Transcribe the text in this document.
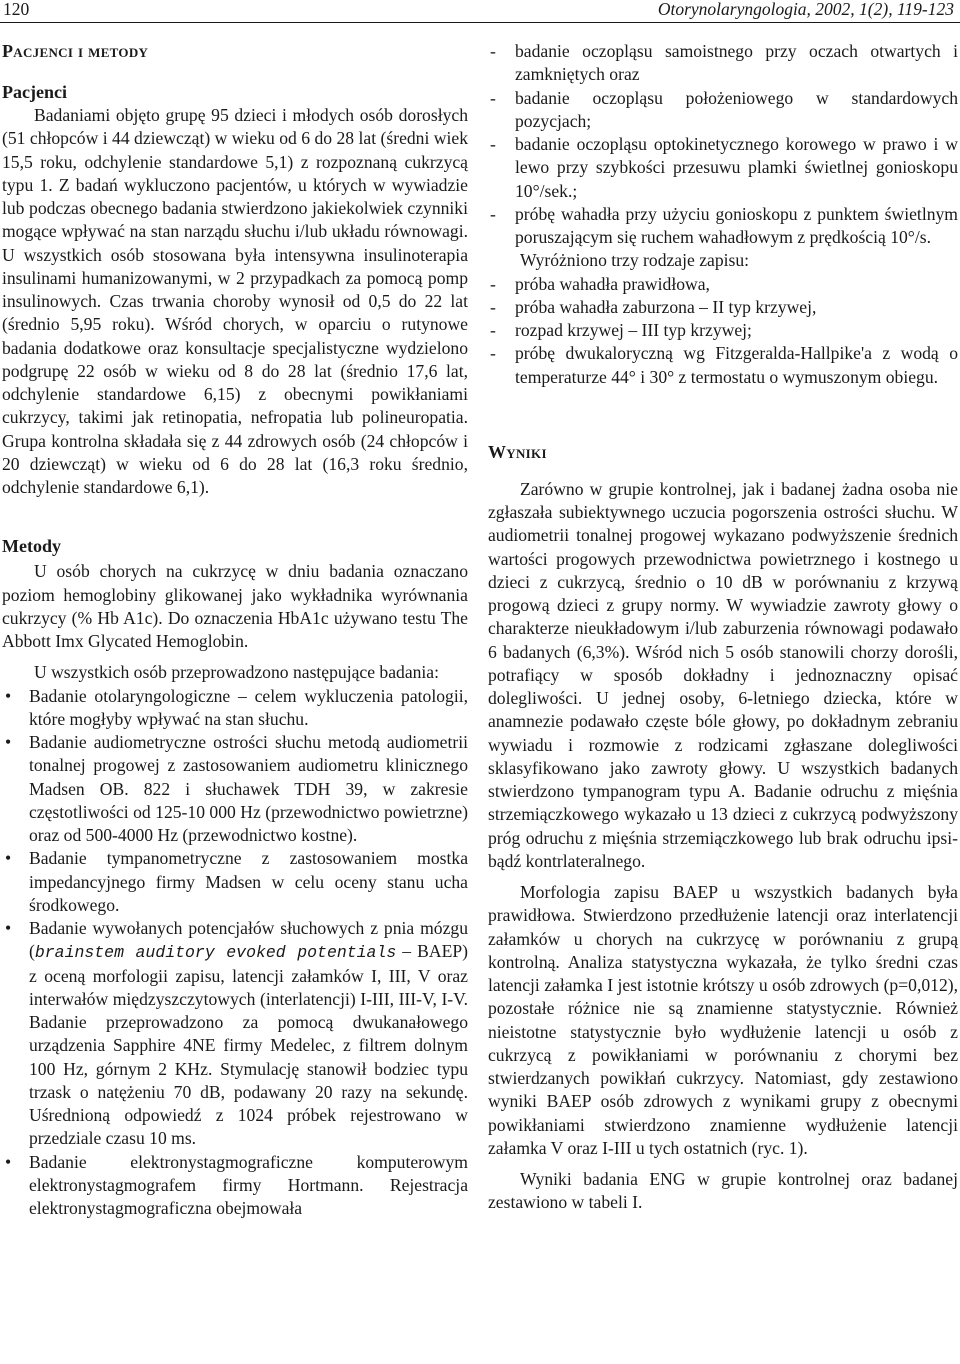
120	Otorynolaryngologia, 2002, 1(2), 119-123
Pacjenci i metody
Pacjenci

Badaniami objęto grupę 95 dzieci i młodych osób dorosłych (51 chłopców i 44 dziewcząt) w wieku od 6 do 28 lat (średni wiek 15,5 roku, odchylenie standardowe 5,1) z rozpoznaną cukrzycą typu 1. Z badań wykluczono pacjentów, u których w wywiadzie lub podczas obecnego badania stwierdzono jakiekolwiek czynniki mogące wpływać na stan narządu słuchu i/lub układu równowagi. U wszystkich osób stosowana była intensywna insulinoterapia insulinami humanizowanymi, w 2 przypadkach za pomocą pomp insulinowych. Czas trwania choroby wynosił od 0,5 do 22 lat (średnio 5,95 roku). Wśród chorych, w oparciu o rutynowe badania dodatkowe oraz konsultacje specjalistyczne wydzielono podgrupę 22 osób w wieku od 8 do 28 lat (średnio 17,6 lat, odchylenie standardowe 6,15) z obecnymi powikłaniami cukrzycy, takimi jak retinopatia, nefropatia lub polineuropatia. Grupa kontrolna składała się z 44 zdrowych osób (24 chłopców i 20 dziewcząt) w wieku od 6 do 28 lat (16,3 roku średnio, odchylenie standardowe 6,1).

Metody

U osób chorych na cukrzycę w dniu badania oznaczano poziom hemoglobiny glikowanej jako wykładnika wyrównania cukrzycy (% Hb A1c). Do oznaczenia HbA1c używano testu The Abbott Imx Glycated Hemoglobin.

U wszystkich osób przeprowadzono następujące badania:

• Badanie otolaryngologiczne – celem wykluczenia patologii, które mogłyby wpływać na stan słuchu.
• Badanie audiometryczne ostrości słuchu metodą audiometrii tonalnej progowej z zastosowaniem audiometru klinicznego Madsen OB. 822 i słuchawek TDH 39, w zakresie częstotliwości od 125-10 000 Hz (przewodnictwo powietrzne) oraz od 500-4000 Hz (przewodnictwo kostne).
• Badanie tympanometryczne z zastosowaniem mostka impedancyjnego firmy Madsen w celu oceny stanu ucha środkowego.
• Badanie wywołanych potencjałów słuchowych z pnia mózgu (brainstem auditory evoked potentials – BAEP) z oceną morfologii zapisu, latencji załamków I, III, V oraz interwałów międzyszczytowych (interlatencji) I-III, III-V, I-V. Badanie przeprowadzono za pomocą dwukanałowego urządzenia Sapphire 4NE firmy Medelec, z filtrem dolnym 100 Hz, górnym 2 KHz. Stymulację stanowił bodziec typu trzask o natężeniu 70 dB, podawany 20 razy na sekundę. Uśrednioną odpowiedź z 1024 próbek rejestrowano w przedziale czasu 10 ms.
• Badanie elektronystagmograficzne komputerowym elektronystagmografem firmy Hortmann. Rejestracja elektronystagmograficzna obejmowała
- badanie oczopląsu samoistnego przy oczach otwartych i zamkniętych oraz
- badanie oczopląsu położeniowego w standardowych pozycjach;
- badanie oczopląsu optokinetycznego korowego w prawo i w lewo przy szybkości przesuwu plamki świetlnej gonioskopu 10°/sek.;
- próbę wahadła przy użyciu gonioskopu z punktem świetlnym poruszającym się ruchem wahadłowym z prędkością 10°/s.

Wyróżniono trzy rodzaje zapisu:

- próba wahadła prawidłowa,
- próba wahadła zaburzona – II typ krzywej,
- rozpad krzywej – III typ krzywej;
- próbę dwukaloryczną wg Fitzgeralda-Hallpike'a z wodą o temperaturze 44° i 30° z termostatu o wymuszonym obiegu.
Wyniki

Zarówno w grupie kontrolnej, jak i badanej żadna osoba nie zgłaszała subiektywnego uczucia pogorszenia ostrości słuchu. W audiometrii tonalnej progowej wykazano podwyższenie średnich wartości progowych przewodnictwa powietrznego i kostnego u dzieci z cukrzycą, średnio o 10 dB w porównaniu z krzywą progową dzieci z grupy normy. W wywiadzie zawroty głowy o charakterze nieukładowym i/lub zaburzenia równowagi podawało 6 badanych (6,3%). Wśród nich 5 osób stanowili chorzy dorośli, potrafiący w sposób dokładny i jednoznaczny opisać dolegliwości. U jednej osoby, 6-letniego dziecka, które w anamnezie podawało częste bóle głowy, po dokładnym zebraniu wywiadu i rozmowie z rodzicami zgłaszane dolegliwości sklasyfikowano jako zawroty głowy. U wszystkich badanych stwierdzono tympanogram typu A. Badanie odruchu z mięśnia strzemiączkowego wykazało u 13 dzieci z cukrzycą podwyższony próg odruchu z mięśnia strzemiączkowego lub brak odruchu ipsi- bądź kontrlateralnego.

Morfologia zapisu BAEP u wszystkich badanych była prawidłowa. Stwierdzono przedłużenie latencji oraz interlatencji załamków u chorych na cukrzycę w porównaniu z grupą kontrolną. Analiza statystyczna wykazała, że tylko średni czas latencji załamka I jest istotnie krótszy u osób zdrowych (p=0,012), pozostałe różnice nie są znamienne statystycznie. Również nieistotne statystycznie było wydłużenie latencji u osób z cukrzycą z powikłaniami w porównaniu z chorymi bez stwierdzanych powikłań cukrzycy. Natomiast, gdy zestawiono wyniki BAEP osób zdrowych z wynikami grupy z obecnymi powikłaniami stwierdzono znamienne wydłużenie latencji załamka V oraz I-III u tych ostatnich (ryc. 1).

Wyniki badania ENG w grupie kontrolnej oraz badanej zestawiono w tabeli I.
